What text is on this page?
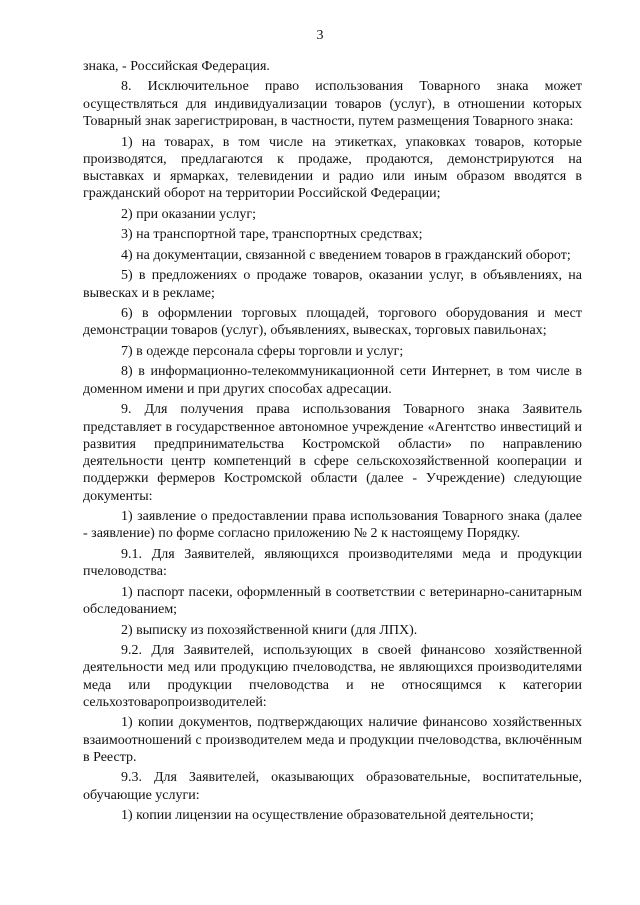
3

знака, - Российская Федерация.

8. Исключительное право использования Товарного знака может осуществляться для индивидуализации товаров (услуг), в отношении которых Товарный знак зарегистрирован, в частности, путем размещения Товарного знака:

1) на товарах, в том числе на этикетках, упаковках товаров, которые производятся, предлагаются к продаже, продаются, демонстрируются на выставках и ярмарках, телевидении и радио или иным образом вводятся в гражданский оборот на территории Российской Федерации;

2) при оказании услуг;

3) на транспортной таре, транспортных средствах;

4) на документации, связанной с введением товаров в гражданский оборот;

5) в предложениях о продаже товаров, оказании услуг, в объявлениях, на вывесках и в рекламе;

6) в оформлении торговых площадей, торгового оборудования и мест демонстрации товаров (услуг), объявлениях, вывесках, торговых павильонах;

7) в одежде персонала сферы торговли и услуг;

8) в информационно-телекоммуникационной сети Интернет, в том числе в доменном имени и при других способах адресации.

9. Для получения права использования Товарного знака Заявитель представляет в государственное автономное учреждение «Агентство инвестиций и развития предпринимательства Костромской области» по направлению деятельности центр компетенций в сфере сельскохозяйственной кооперации и поддержки фермеров Костромской области (далее - Учреждение) следующие документы:

1) заявление о предоставлении права использования Товарного знака (далее - заявление) по форме согласно приложению № 2 к настоящему Порядку.

9.1. Для Заявителей, являющихся производителями меда и продукции пчеловодства:

1) паспорт пасеки, оформленный в соответствии с ветеринарно-санитарным обследованием;

2) выписку из похозяйственной книги (для ЛПХ).

9.2. Для Заявителей, использующих в своей финансово хозяйственной деятельности мед или продукцию пчеловодства, не являющихся производителями меда или продукции пчеловодства и не относящимся к категории сельхозтоваропроизводителей:

1) копии документов, подтверждающих наличие финансово хозяйственных взаимоотношений с производителем меда и продукции пчеловодства, включённым в Реестр.

9.3. Для Заявителей, оказывающих образовательные, воспитательные, обучающие услуги:

1) копии лицензии на осуществление образовательной деятельности;
